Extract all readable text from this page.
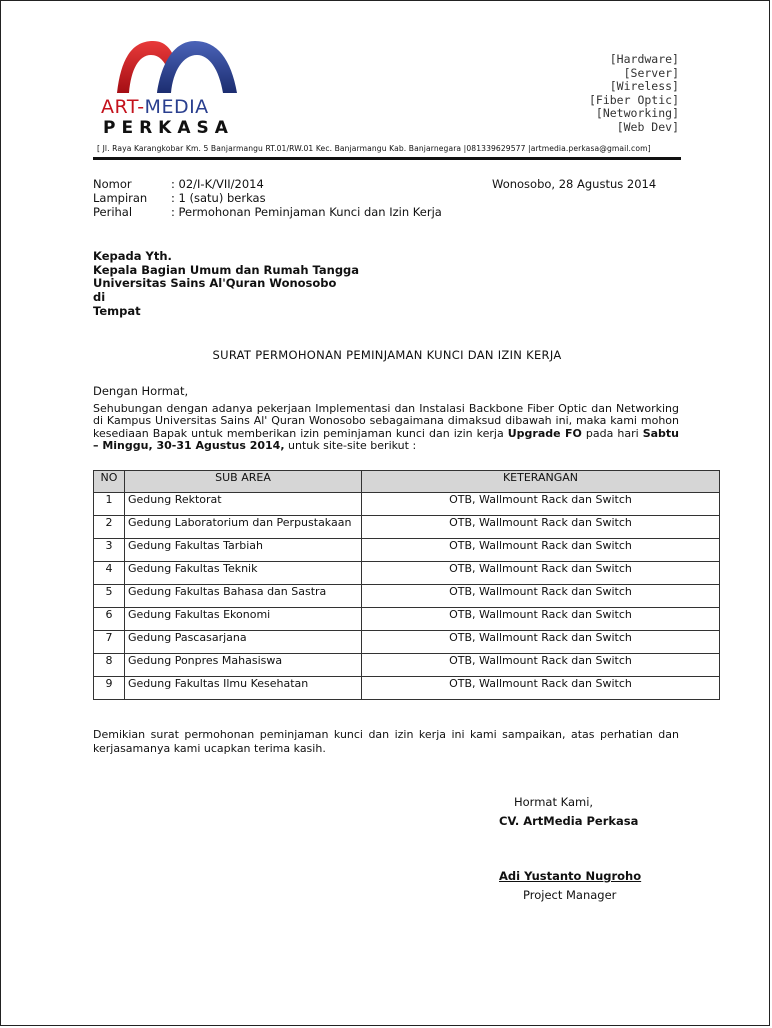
ART-MEDIA
PERKASA
[Hardware]
[Server]
[Wireless]
[Fiber Optic]
[Networking]
[Web Dev]
[ Jl. Raya Karangkobar Km. 5 Banjarmangu RT.01/RW.01 Kec. Banjarmangu Kab. Banjarnegara |081339629577 |artmedia.perkasa@gmail.com]
Nomor	: 02/I-K/VII/2014
Lampiran : 1 (satu) berkas
Perihal	: Permohonan Peminjaman Kunci dan Izin Kerja
Wonosobo, 28 Agustus 2014
Kepada Yth.
Kepala Bagian Umum dan Rumah Tangga
Universitas Sains Al'Quran Wonosobo
di
Tempat
SURAT PERMOHONAN PEMINJAMAN KUNCI DAN IZIN KERJA
Dengan Hormat,
Sehubungan dengan adanya pekerjaan Implementasi dan Instalasi Backbone Fiber Optic dan Networking di Kampus Universitas Sains Al' Quran Wonosobo sebagaimana dimaksud dibawah ini, maka kami mohon kesediaan Bapak untuk memberikan izin peminjaman kunci dan izin kerja Upgrade FO pada hari Sabtu – Minggu, 30-31 Agustus 2014, untuk site-site berikut :
NO	SUB AREA	KETERANGAN
1	Gedung Rektorat	OTB, Wallmount Rack dan Switch
2	Gedung Laboratorium dan Perpustakaan	OTB, Wallmount Rack dan Switch
3	Gedung Fakultas Tarbiah	OTB, Wallmount Rack dan Switch
4	Gedung Fakultas Teknik	OTB, Wallmount Rack dan Switch
5	Gedung Fakultas Bahasa dan Sastra	OTB, Wallmount Rack dan Switch
6	Gedung Fakultas Ekonomi	OTB, Wallmount Rack dan Switch
7	Gedung Pascasarjana	OTB, Wallmount Rack dan Switch
8	Gedung Ponpres Mahasiswa	OTB, Wallmount Rack dan Switch
9	Gedung Fakultas Ilmu Kesehatan	OTB, Wallmount Rack dan Switch
Demikian surat permohonan peminjaman kunci dan izin kerja ini kami sampaikan, atas perhatian dan kerjasamanya kami ucapkan terima kasih.
Hormat Kami,
CV. ArtMedia Perkasa
Adi Yustanto Nugroho
Project Manager
